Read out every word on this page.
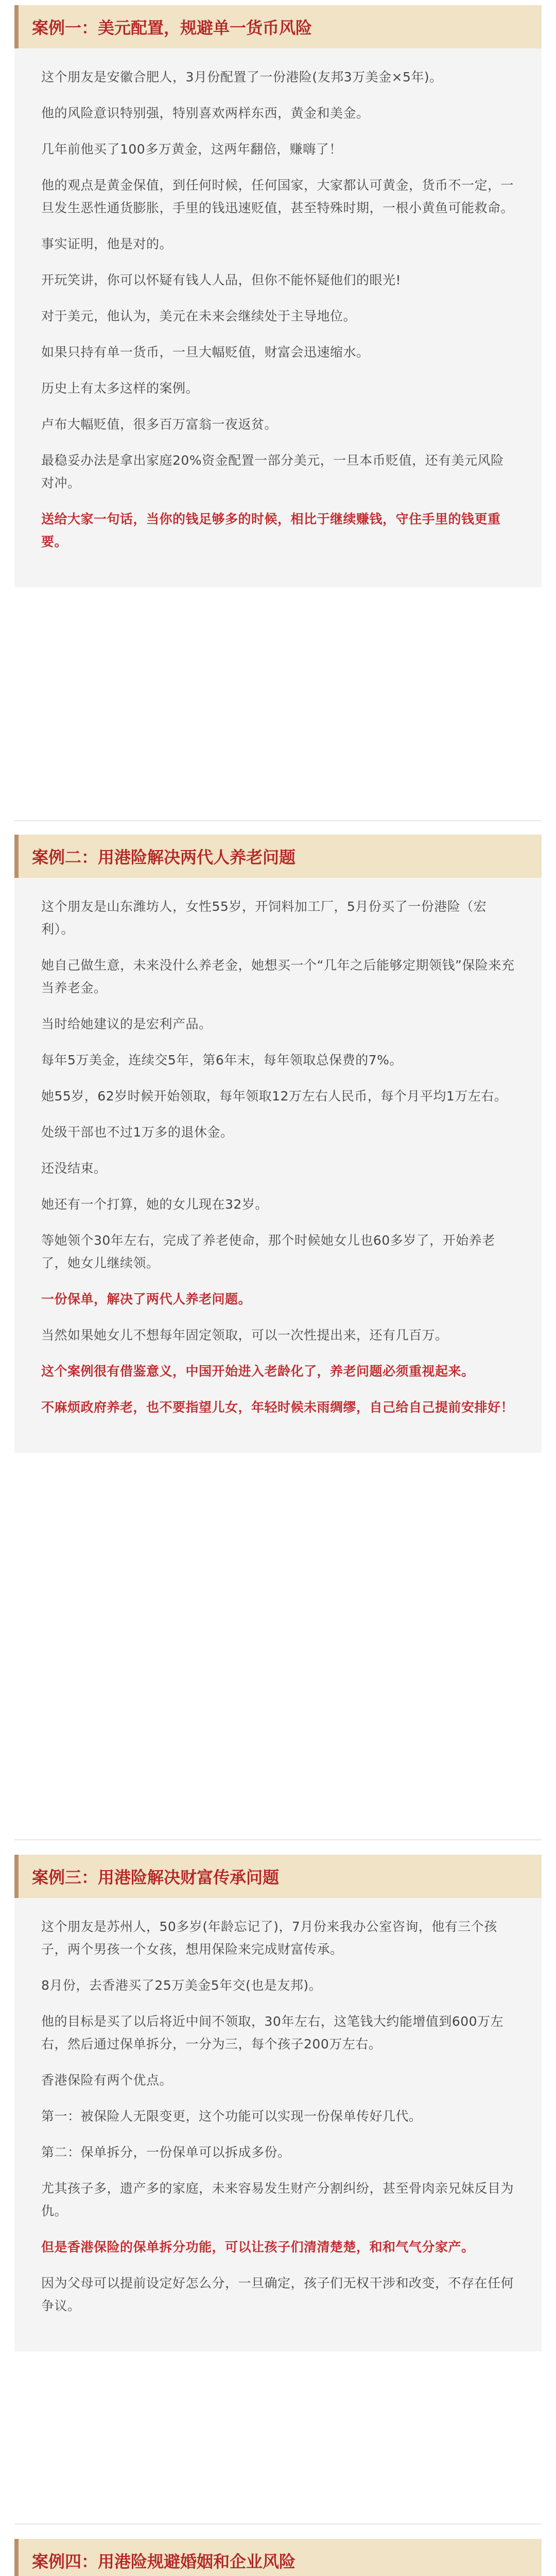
案例一：美元配置，规避单一货币风险

这个朋友是安徽合肥人，3月份配置了一份港险(友邦3万美金×5年)。

他的风险意识特别强，特别喜欢两样东西，黄金和美金。

几年前他买了100多万黄金，这两年翻倍，赚嗨了！

他的观点是黄金保值，到任何时候，任何国家，大家都认可黄金，货币不一定，一旦发生恶性通货膨胀，手里的钱迅速贬值，甚至特殊时期，一根小黄鱼可能救命。

事实证明，他是对的。

开玩笑讲，你可以怀疑有钱人人品，但你不能怀疑他们的眼光!

对于美元，他认为，美元在未来会继续处于主导地位。

如果只持有单一货币，一旦大幅贬值，财富会迅速缩水。

历史上有太多这样的案例。

卢布大幅贬值，很多百万富翁一夜返贫。

最稳妥办法是拿出家庭20%资金配置一部分美元，一旦本币贬值，还有美元风险对冲。

送给大家一句话，当你的钱足够多的时候，相比于继续赚钱，守住手里的钱更重要。

案例二：用港险解决两代人养老问题

这个朋友是山东潍坊人，女性55岁，开饲料加工厂，5月份买了一份港险（宏利）。

她自己做生意，未来没什么养老金，她想买一个“几年之后能够定期领钱”保险来充当养老金。

当时给她建议的是宏利产品。

每年5万美金，连续交5年，第6年末，每年领取总保费的7%。

她55岁，62岁时候开始领取，每年领取12万左右人民币，每个月平均1万左右。

处级干部也不过1万多的退休金。

还没结束。

她还有一个打算，她的女儿现在32岁。

等她领个30年左右，完成了养老使命，那个时候她女儿也60多岁了，开始养老了，她女儿继续领。

一份保单，解决了两代人养老问题。

当然如果她女儿不想每年固定领取，可以一次性提出来，还有几百万。

这个案例很有借鉴意义，中国开始进入老龄化了，养老问题必须重视起来。

不麻烦政府养老，也不要指望儿女，年轻时候未雨绸缪，自己给自己提前安排好！

案例三：用港险解决财富传承问题

这个朋友是苏州人，50多岁(年龄忘记了)，7月份来我办公室咨询，他有三个孩子，两个男孩一个女孩，想用保险来完成财富传承。

8月份，去香港买了25万美金5年交(也是友邦)。

他的目标是买了以后将近中间不领取，30年左右，这笔钱大约能增值到600万左右，然后通过保单拆分，一分为三，每个孩子200万左右。

香港保险有两个优点。

第一：被保险人无限变更，这个功能可以实现一份保单传好几代。

第二：保单拆分，一份保单可以拆成多份。

尤其孩子多，遗产多的家庭，未来容易发生财产分割纠纷，甚至骨肉亲兄妹反目为仇。

但是香港保险的保单拆分功能，可以让孩子们清清楚楚，和和气气分家产。

因为父母可以提前设定好怎么分，一旦确定，孩子们无权干涉和改变，不存在任何争议。

案例四：用港险规避婚姻和企业风险
